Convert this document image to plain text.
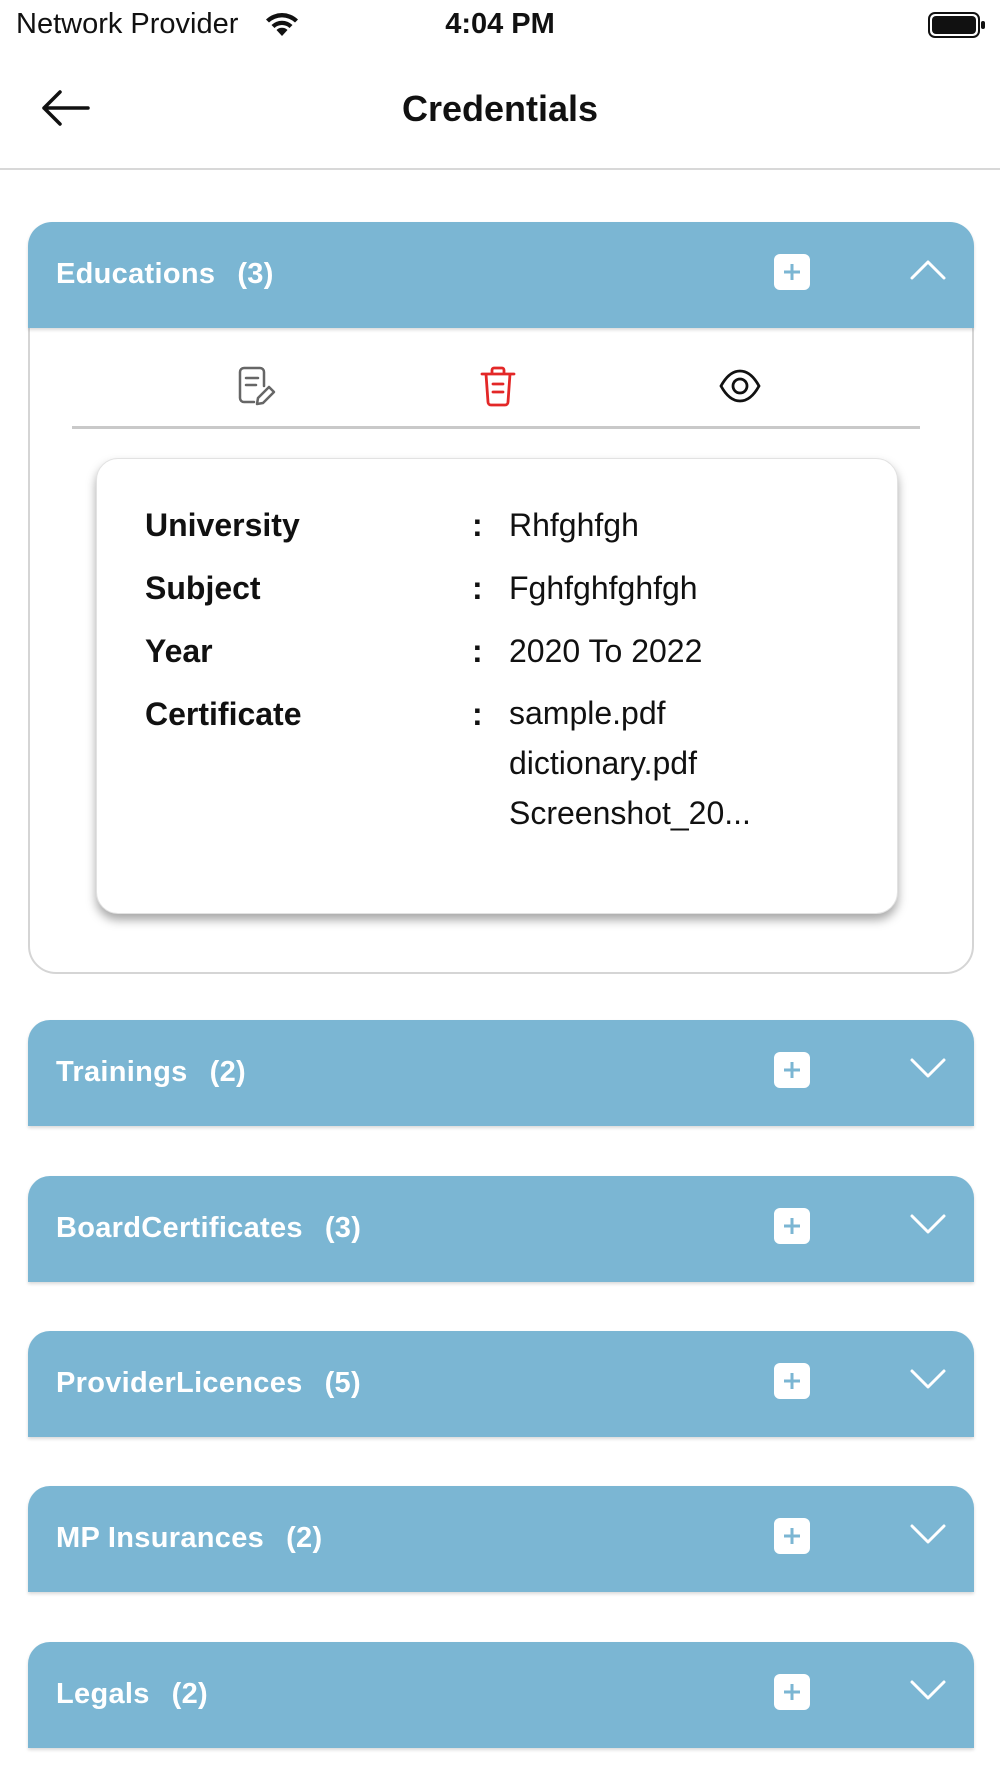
Network Provider	4:04 PM
Credentials
Educations (3)
University	: Rhfghfgh
Subject	: Fghfghfghfgh
Year	: 2020 To 2022
Certificate	: sample.pdf
dictionary.pdf
Screenshot_20...
Trainings (2)
BoardCertificates (3)
ProviderLicences (5)
MP Insurances (2)
Legals (2)
